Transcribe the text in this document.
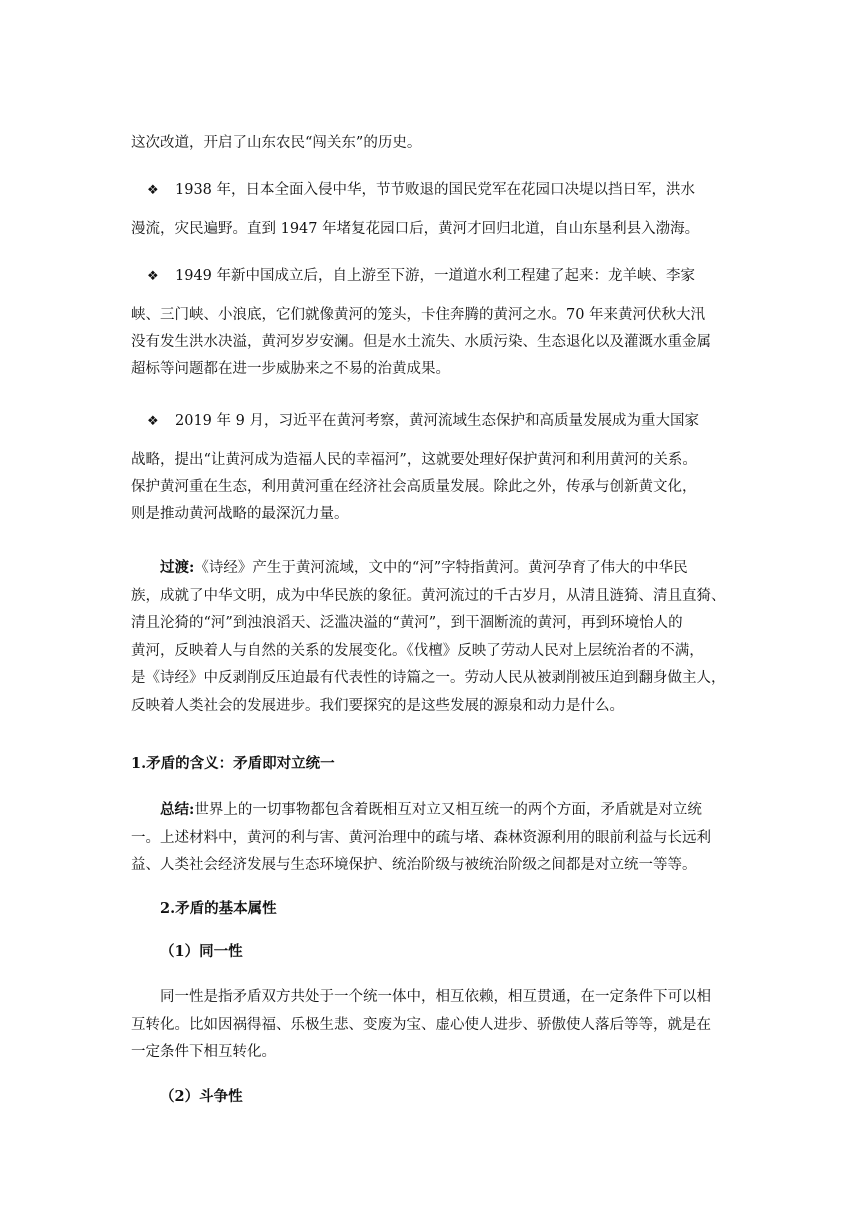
这次改道，开启了山东农民“闯关东”的历史。

❖ 1938 年，日本全面入侵中华，节节败退的国民党军在花园口决堤以挡日军，洪水
漫流，灾民遍野。直到 1947 年堵复花园口后，黄河才回归北道，自山东垦利县入渤海。

❖ 1949 年新中国成立后，自上游至下游，一道道水利工程建了起来：龙羊峡、李家
峡、三门峡、小浪底，它们就像黄河的笼头，卡住奔腾的黄河之水。70 年来黄河伏秋大汛
没有发生洪水决溢，黄河岁岁安澜。但是水土流失、水质污染、生态退化以及灌溉水重金属
超标等问题都在进一步威胁来之不易的治黄成果。

❖ 2019 年 9 月，习近平在黄河考察，黄河流域生态保护和高质量发展成为重大国家
战略，提出“让黄河成为造福人民的幸福河”，这就要处理好保护黄河和利用黄河的关系。
保护黄河重在生态，利用黄河重在经济社会高质量发展。除此之外，传承与创新黄文化，
则是推动黄河战略的最深沉力量。

过渡:《诗经》产生于黄河流域，文中的“河”字特指黄河。黄河孕育了伟大的中华民
族，成就了中华文明，成为中华民族的象征。黄河流过的千古岁月，从清且涟猗、清且直猗、
清且沦猗的“河”到浊浪滔天、泛滥决溢的“黄河”，到干涸断流的黄河，再到环境怡人的
黄河，反映着人与自然的关系的发展变化。《伐檀》反映了劳动人民对上层统治者的不满，
是《诗经》中反剥削反压迫最有代表性的诗篇之一。劳动人民从被剥削被压迫到翻身做主人，
反映着人类社会的发展进步。我们要探究的是这些发展的源泉和动力是什么。

1.矛盾的含义：矛盾即对立统一

总结:世界上的一切事物都包含着既相互对立又相互统一的两个方面，矛盾就是对立统
一。上述材料中，黄河的利与害、黄河治理中的疏与堵、森林资源利用的眼前利益与长远利
益、人类社会经济发展与生态环境保护、统治阶级与被统治阶级之间都是对立统一等等。

2.矛盾的基本属性

（1）同一性

同一性是指矛盾双方共处于一个统一体中，相互依赖，相互贯通，在一定条件下可以相
互转化。比如因祸得福、乐极生悲、变废为宝、虚心使人进步、骄傲使人落后等等，就是在
一定条件下相互转化。

（2）斗争性
